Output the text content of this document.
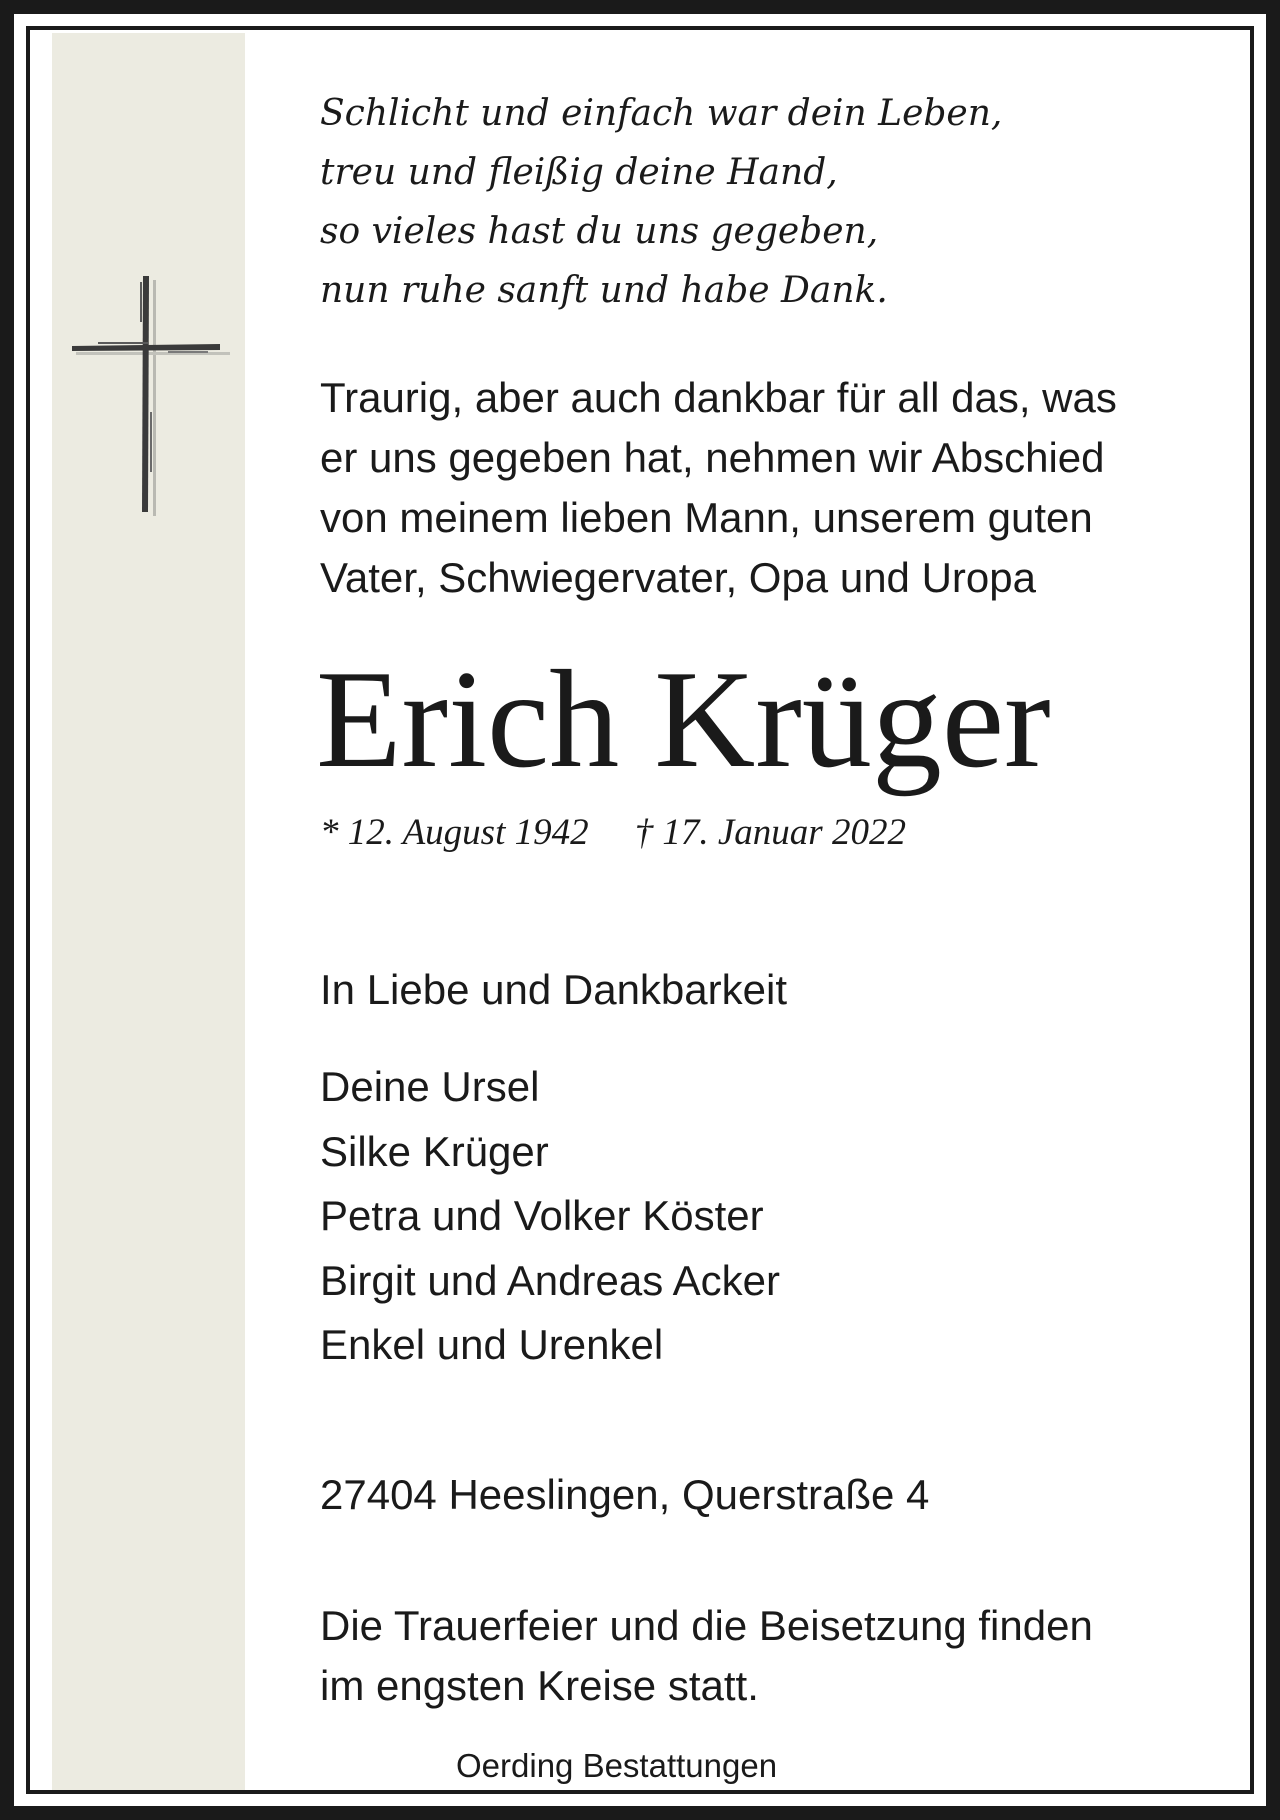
Schlicht und einfach war dein Leben,
treu und fleißig deine Hand,
so vieles hast du uns gegeben,
nun ruhe sanft und habe Dank.
Traurig, aber auch dankbar für all das, was
er uns gegeben hat, nehmen wir Abschied
von meinem lieben Mann, unserem guten
Vater, Schwiegervater, Opa und Uropa
Erich Krüger
* 12. August 1942 † 17. Januar 2022
In Liebe und Dankbarkeit
Deine Ursel
Silke Krüger
Petra und Volker Köster
Birgit und Andreas Acker
Enkel und Urenkel
27404 Heeslingen, Querstraße 4
Die Trauerfeier und die Beisetzung finden
im engsten Kreise statt.
Oerding Bestattungen
